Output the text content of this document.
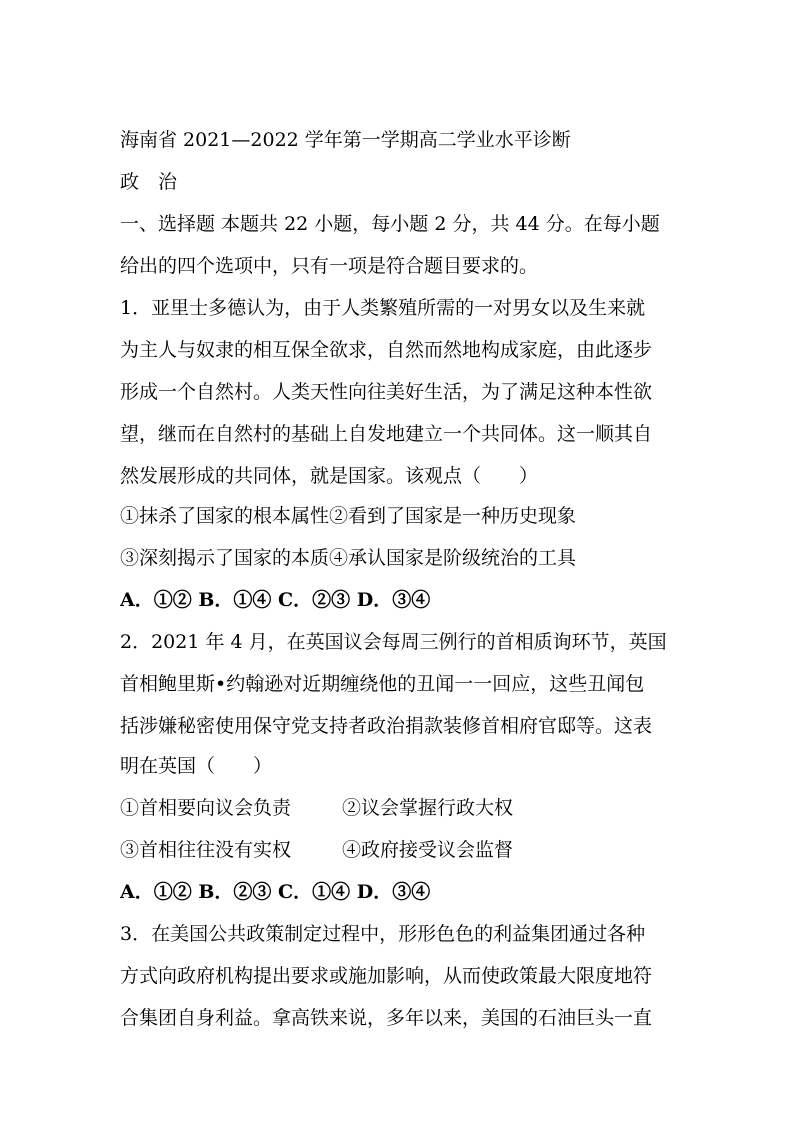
海南省 2021—2022 学年第一学期高二学业水平诊断
政　治
一、选择题 本题共 22 小题，每小题 2 分，共 44 分。在每小题
给出的四个选项中，只有一项是符合题目要求的。
1．亚里士多德认为，由于人类繁殖所需的一对男女以及生来就
为主人与奴隶的相互保全欲求，自然而然地构成家庭，由此逐步
形成一个自然村。人类天性向往美好生活，为了满足这种本性欲
望，继而在自然村的基础上自发地建立一个共同体。这一顺其自
然发展形成的共同体，就是国家。该观点（　　）
①抹杀了国家的根本属性②看到了国家是一种历史现象
③深刻揭示了国家的本质④承认国家是阶级统治的工具
A．①② B．①④ C．②③ D．③④
2．2021 年 4 月，在英国议会每周三例行的首相质询环节，英国
首相鲍里斯•约翰逊对近期缠绕他的丑闻一一回应，这些丑闻包
括涉嫌秘密使用保守党支持者政治捐款装修首相府官邸等。这表
明在英国（　　）
①首相要向议会负责	②议会掌握行政大权
③首相往往没有实权	④政府接受议会监督
A．①② B．②③ C．①④ D．③④
3．在美国公共政策制定过程中，形形色色的利益集团通过各种
方式向政府机构提出要求或施加影响，从而使政策最大限度地符
合集团自身利益。拿高铁来说，多年以来，美国的石油巨头一直
